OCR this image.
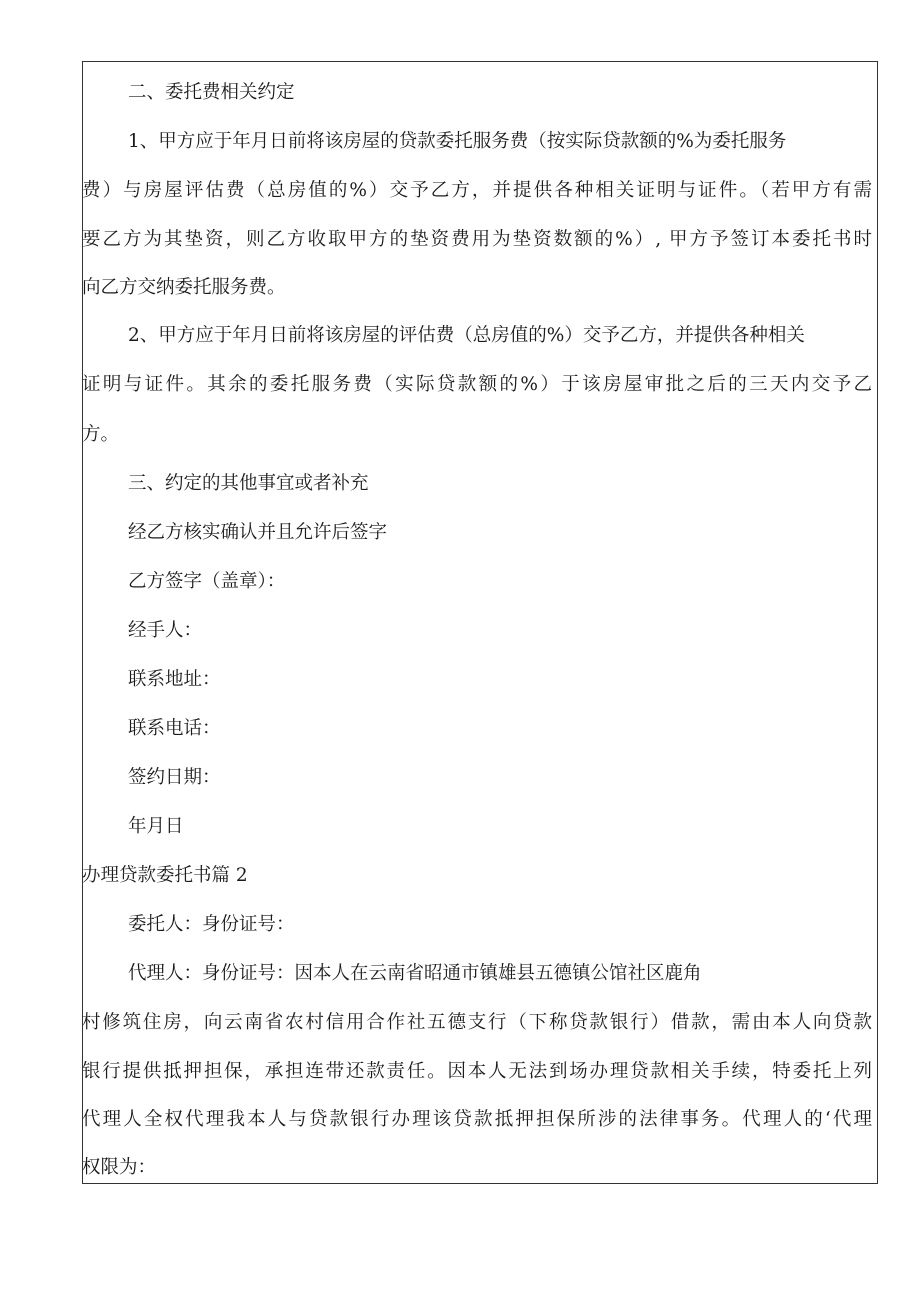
二、委托费相关约定

1、甲方应于年月日前将该房屋的贷款委托服务费（按实际贷款额的%为委托服务

费）与房屋评估费（总房值的%）交予乙方，并提供各种相关证明与证件。（若甲方有需

要乙方为其垫资，则乙方收取甲方的垫资费用为垫资数额的%）, 甲方予签订本委托书时

向乙方交纳委托服务费。

2、甲方应于年月日前将该房屋的评估费（总房值的%）交予乙方，并提供各种相关

证明与证件。其余的委托服务费（实际贷款额的%）于该房屋审批之后的三天内交予乙

方。

三、约定的其他事宜或者补充

经乙方核实确认并且允许后签字

乙方签字（盖章）：

经手人：

联系地址：

联系电话：

签约日期：

年月日

办理贷款委托书篇 2

委托人：身份证号：

代理人：身份证号：因本人在云南省昭通市镇雄县五德镇公馆社区鹿角

村修筑住房，向云南省农村信用合作社五德支行（下称贷款银行）借款，需由本人向贷款

银行提供抵押担保，承担连带还款责任。因本人无法到场办理贷款相关手续，特委托上列

代理人全权代理我本人与贷款银行办理该贷款抵押担保所涉的法律事务。代理人的‘代理

权限为：
